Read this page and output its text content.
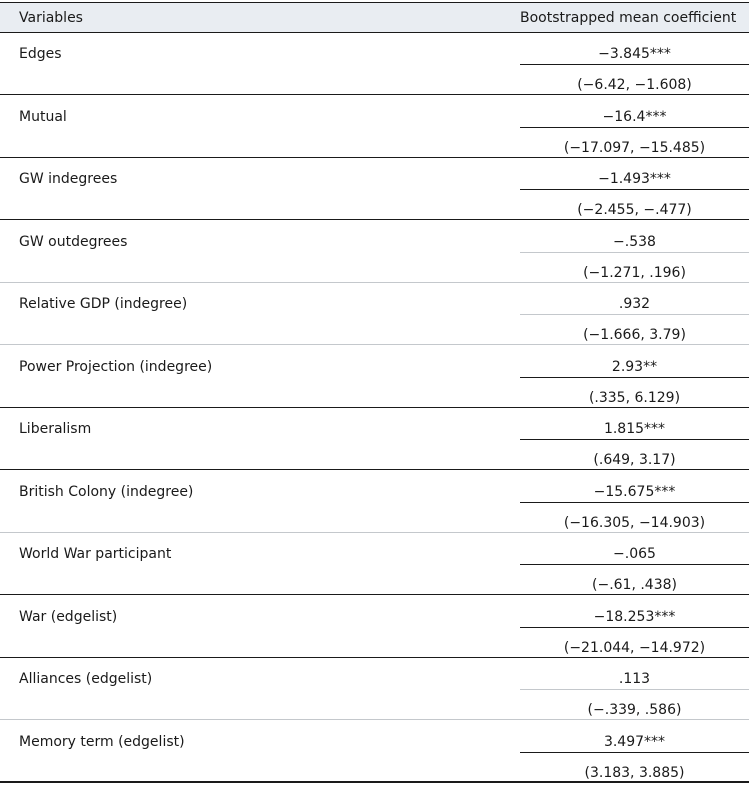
Variables	Bootstrapped mean coefficient
Edges	−3.845***
(−6.42, −1.608)
Mutual	−16.4***
(−17.097, −15.485)
GW indegrees	−1.493***
(−2.455, −.477)
GW outdegrees	−.538
(−1.271, .196)
Relative GDP (indegree)	.932
(−1.666, 3.79)
Power Projection (indegree)	2.93**
(.335, 6.129)
Liberalism	1.815***
(.649, 3.17)
British Colony (indegree)	−15.675***
(−16.305, −14.903)
World War participant	−.065
(−.61, .438)
War (edgelist)	−18.253***
(−21.044, −14.972)
Alliances (edgelist)	.113
(−.339, .586)
Memory term (edgelist)	3.497***
(3.183, 3.885)
